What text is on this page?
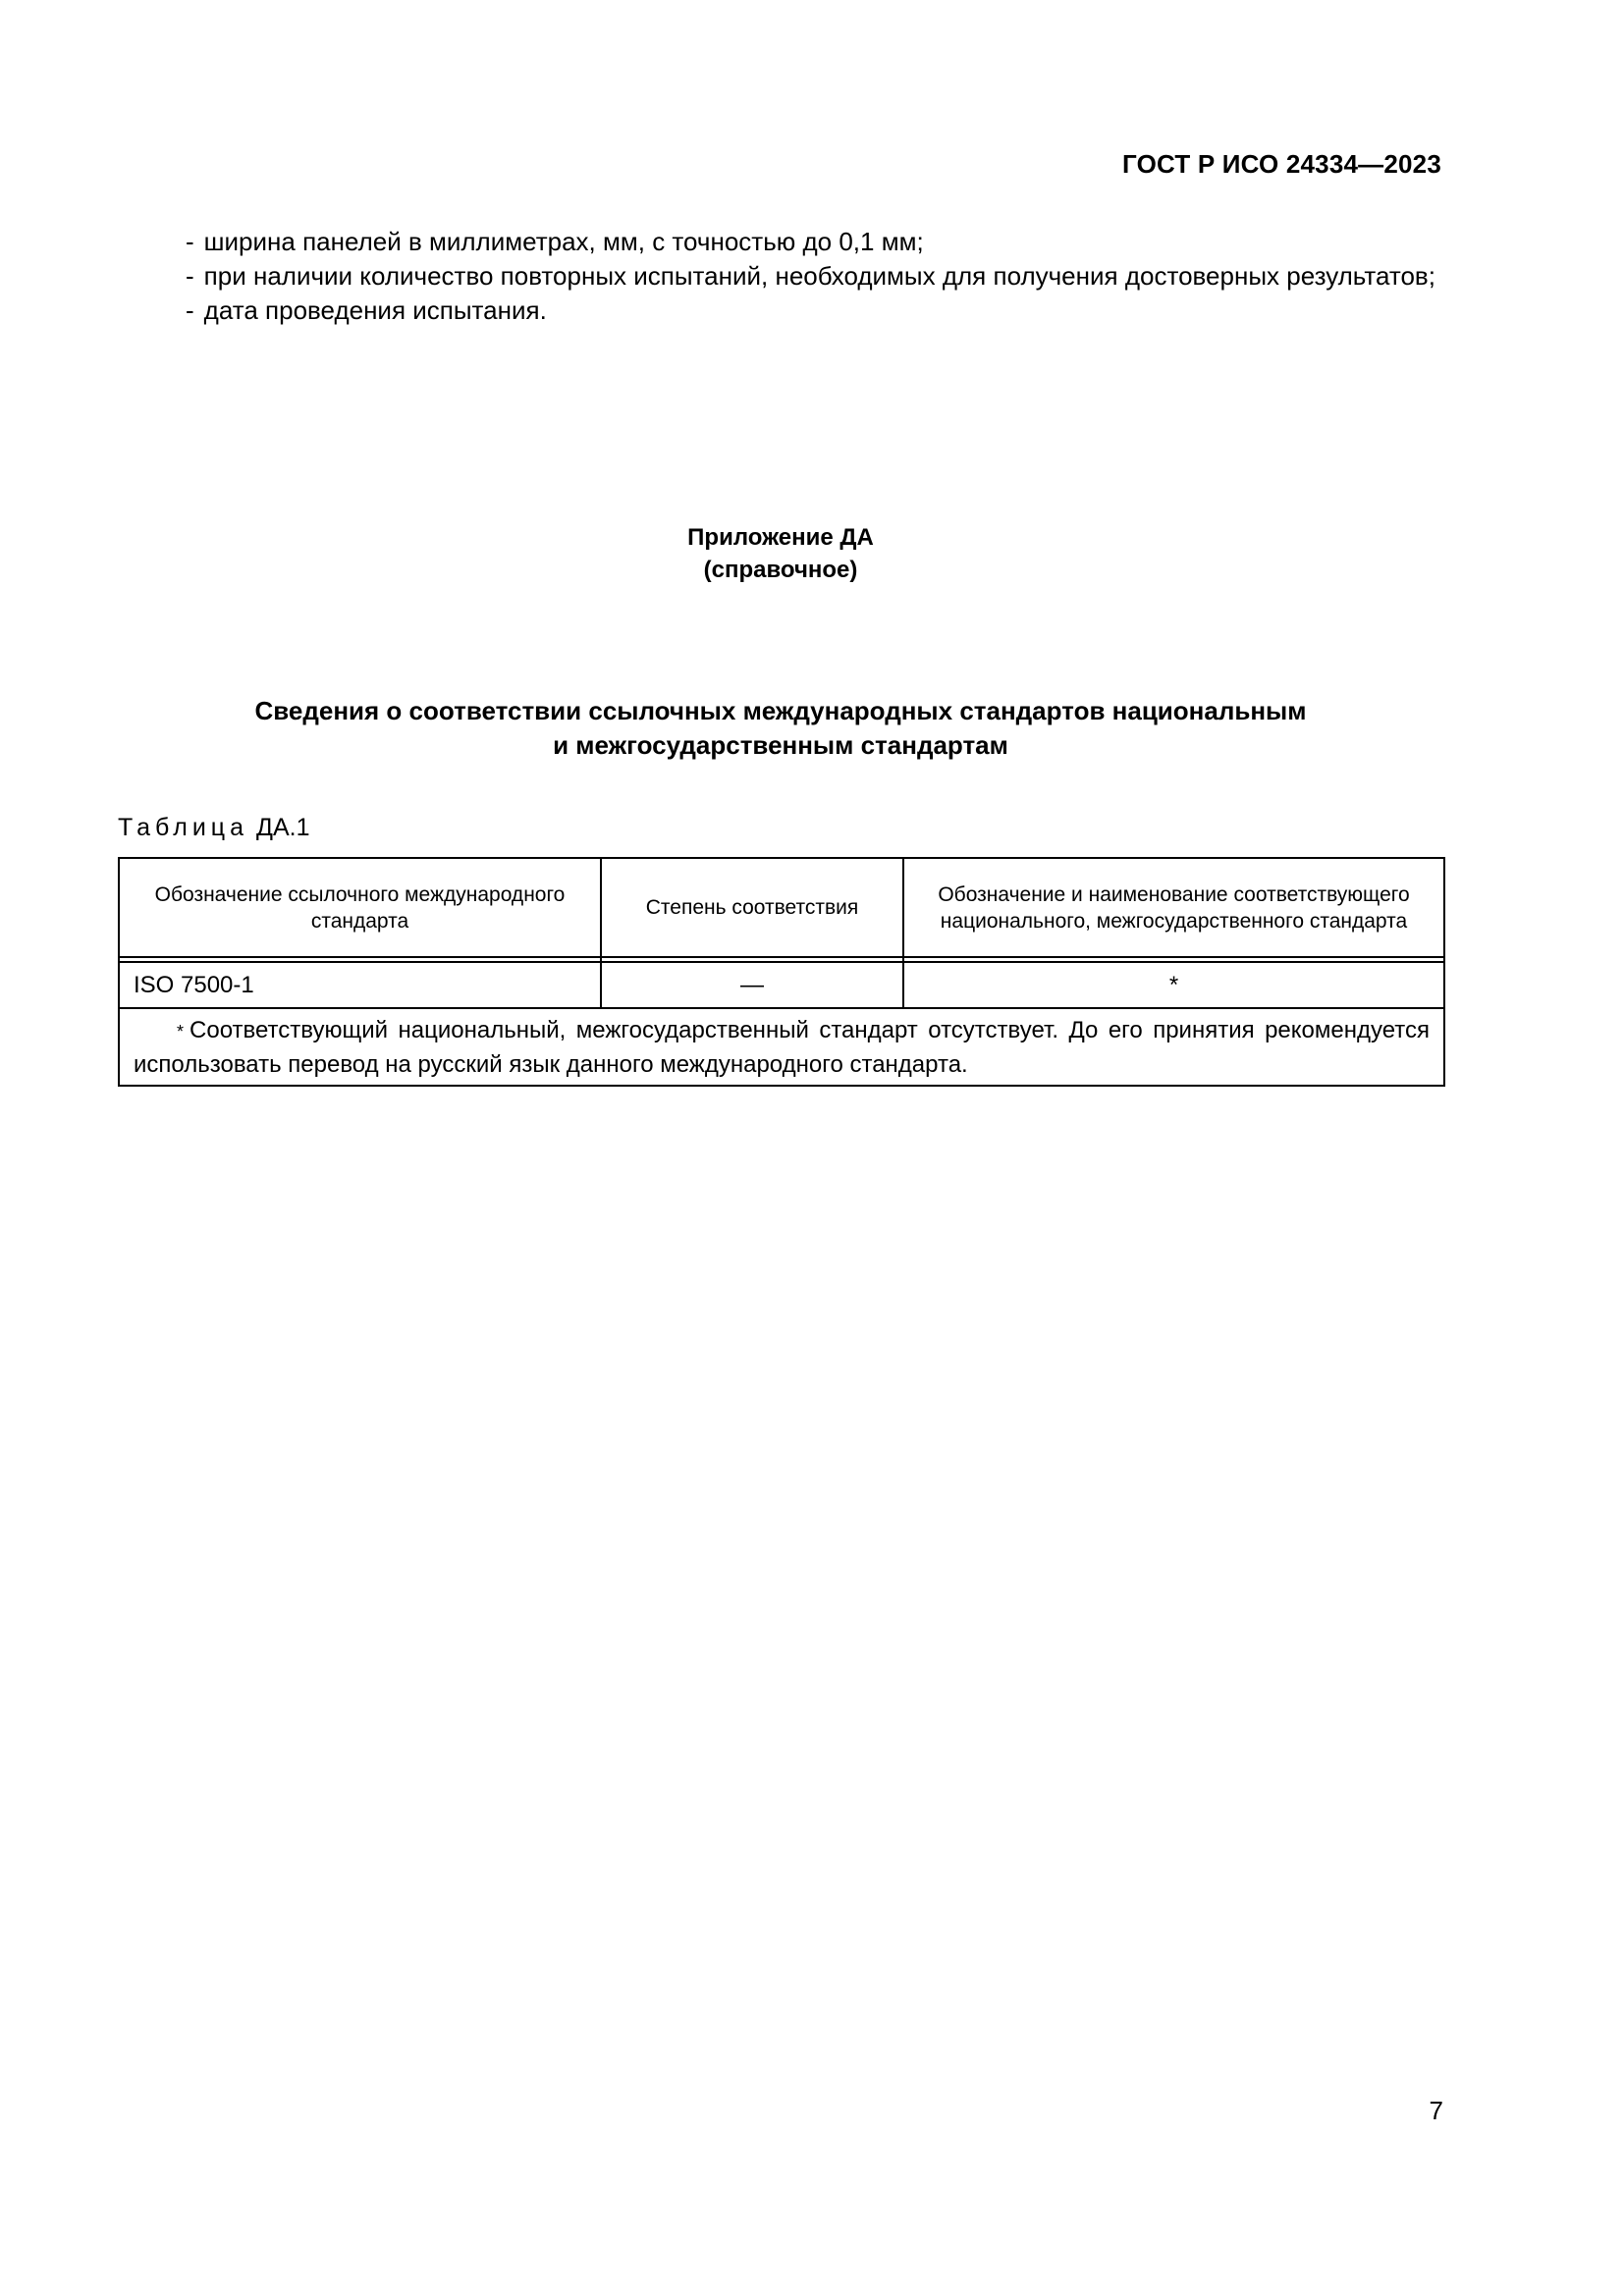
ГОСТ Р ИСО 24334—2023
- ширина панелей в миллиметрах, мм, с точностью до 0,1 мм;
- при наличии количество повторных испытаний, необходимых для получения достоверных результатов;
- дата проведения испытания.
Приложение ДА
(справочное)
Сведения о соответствии ссылочных международных стандартов национальным
и межгосударственным стандартам
Таблица ДА.1
Обозначение ссылочного международного стандарта	Степень соответствия	Обозначение и наименование соответствующего национального, межгосударственного стандарта

ISO 7500-1	—	*

* Соответствующий национальный, межгосударственный стандарт отсутствует. До его принятия рекомендуется использовать перевод на русский язык данного международного стандарта.		
7
